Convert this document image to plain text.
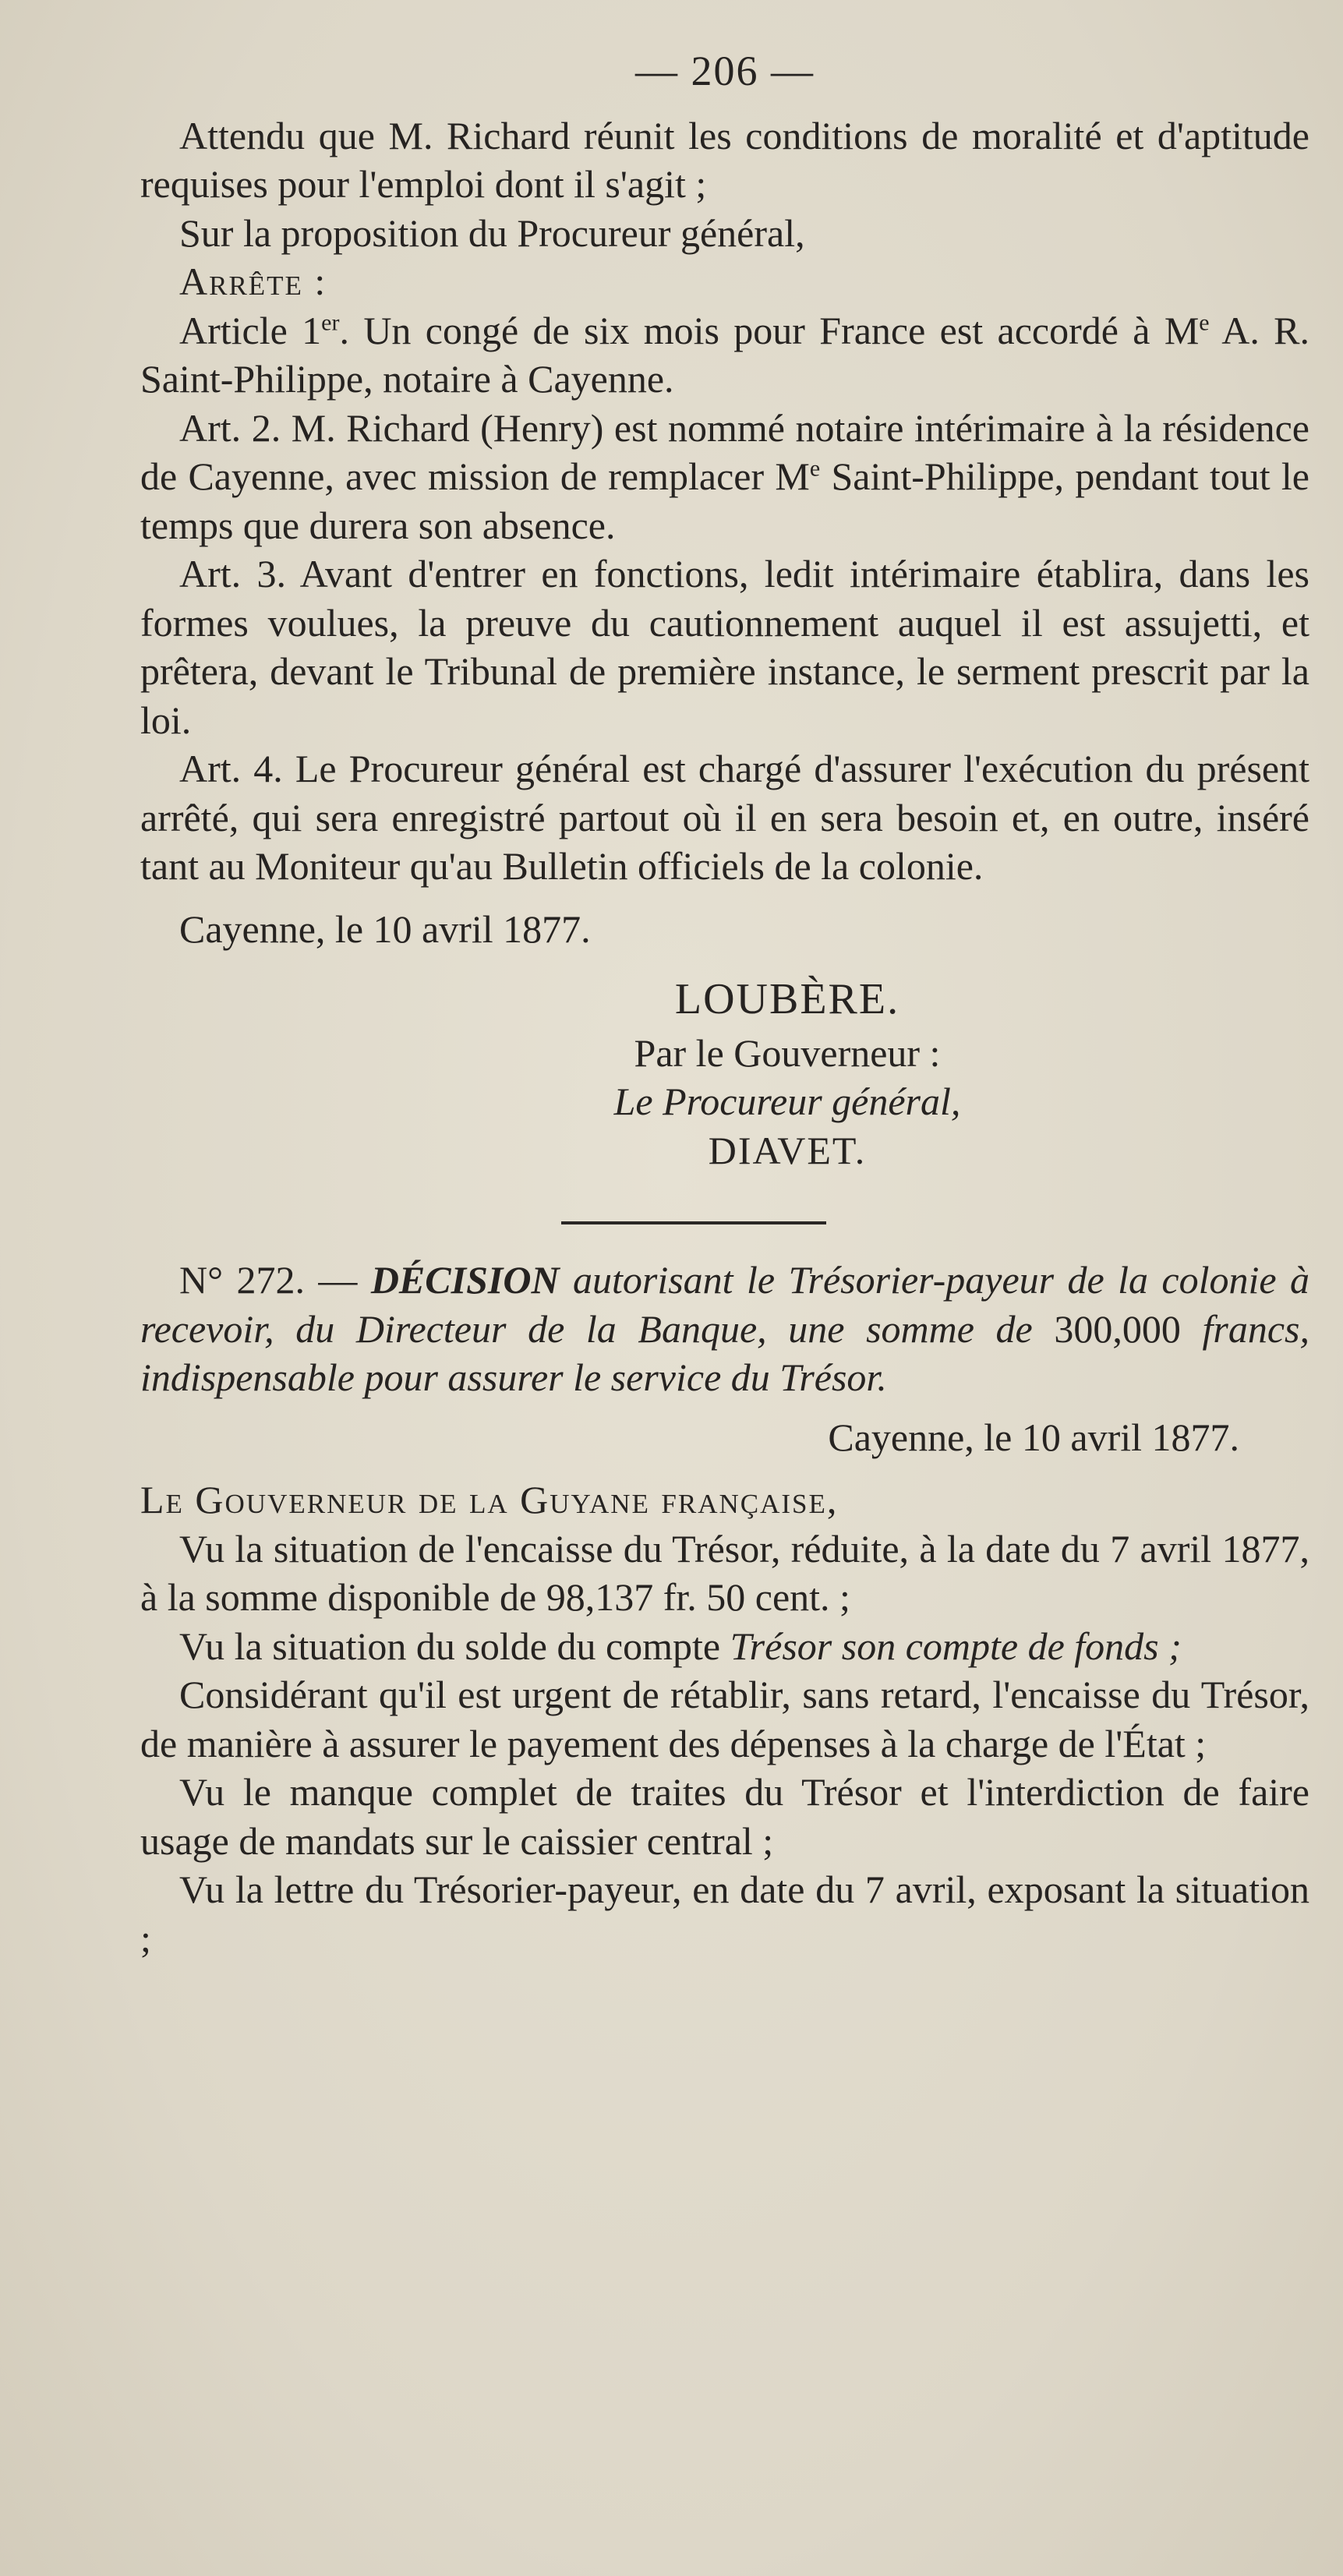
— 206 —

Attendu que M. Richard réunit les conditions de moralité et d'aptitude requises pour l'emploi dont il s'agit ;

Sur la proposition du Procureur général,

Arrête :

Article 1er. Un congé de six mois pour France est accordé à Me A. R. Saint-Philippe, notaire à Cayenne.

Art. 2. M. Richard (Henry) est nommé notaire intérimaire à la résidence de Cayenne, avec mission de remplacer Me Saint-Philippe, pendant tout le temps que durera son absence.

Art. 3. Avant d'entrer en fonctions, ledit intérimaire établira, dans les formes voulues, la preuve du cautionnement auquel il est assujetti, et prêtera, devant le Tribunal de première instance, le serment prescrit par la loi.

Art. 4. Le Procureur général est chargé d'assurer l'exécution du présent arrêté, qui sera enregistré partout où il en sera besoin et, en outre, inséré tant au Moniteur qu'au Bulletin officiels de la colonie.

Cayenne, le 10 avril 1877.

LOUBÈRE.
Par le Gouverneur :
Le Procureur général,
DIAVET.

N° 272. — DÉCISION autorisant le Trésorier-payeur de la colonie à recevoir, du Directeur de la Banque, une somme de 300,000 francs, indispensable pour assurer le service du Trésor.

Cayenne, le 10 avril 1877.

Le Gouverneur de la Guyane française,

Vu la situation de l'encaisse du Trésor, réduite, à la date du 7 avril 1877, à la somme disponible de 98,137 fr. 50 cent. ;

Vu la situation du solde du compte Trésor son compte de fonds ;

Considérant qu'il est urgent de rétablir, sans retard, l'encaisse du Trésor, de manière à assurer le payement des dépenses à la charge de l'État ;

Vu le manque complet de traites du Trésor et l'interdiction de faire usage de mandats sur le caissier central ;

Vu la lettre du Trésorier-payeur, en date du 7 avril, exposant la situation ;
